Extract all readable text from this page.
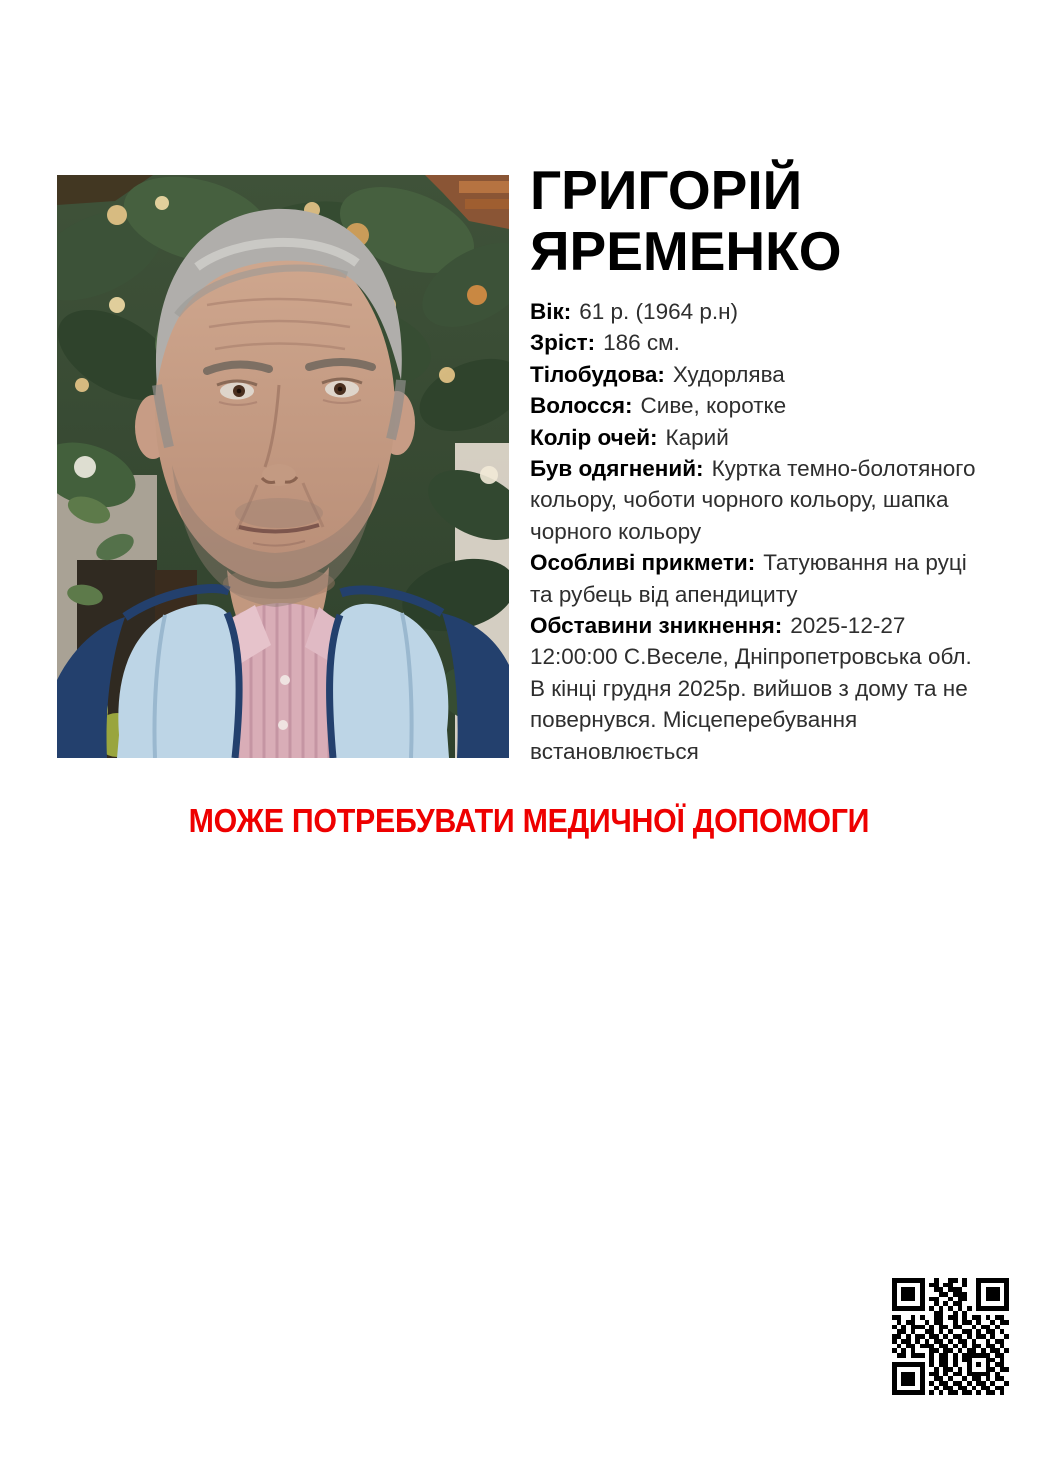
ГРИГОРІЙ ЯРЕМЕНКО

Вік: 61 р. (1964 р.н)

Зріст: 186 см.

Тілобудова: Худорлява

Волосся: Сиве, коротке

Колір очей: Карий

Був одягнений: Куртка темно-болотяного кольору, чоботи чорного кольору, шапка чорного кольору

Особливі прикмети: Татуювання на руці та рубець від апендициту

Обставини зникнення: 2025-12-27 12:00:00 С.Веселе, Дніпропетровська обл. В кінці грудня 2025р. вийшов з дому та не повернувся. Місцеперебування встановлюється

МОЖЕ ПОТРЕБУВАТИ МЕДИЧНОЇ ДОПОМОГИ
